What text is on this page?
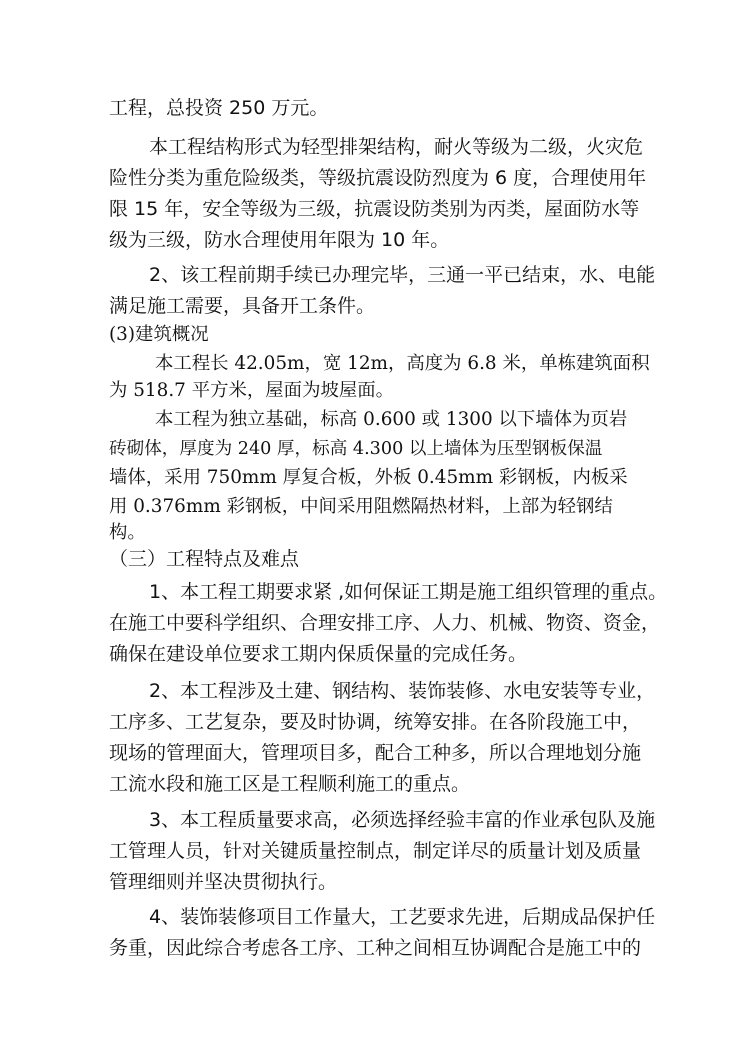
工程，总投资 250 万元。

本工程结构形式为轻型排架结构，耐火等级为二级，火灾危

险性分类为重危险级类，等级抗震设防烈度为 6 度，合理使用年

限 15 年，安全等级为三级，抗震设防类别为丙类，屋面防水等

级为三级，防水合理使用年限为 10 年。

2、该工程前期手续已办理完毕，三通一平已结束，水、电能

满足施工需要，具备开工条件。

(3)建筑概况

本工程长 42.05m，宽 12m，高度为 6.8 米，单栋建筑面积

为 518.7 平方米，屋面为坡屋面。

本工程为独立基础，标高 0.600 或 1300 以下墙体为页岩

砖砌体，厚度为 240 厚，标高 4.300 以上墙体为压型钢板保温

墙体，采用 750mm 厚复合板，外板 0.45mm 彩钢板，内板采

用 0.376mm 彩钢板，中间采用阻燃隔热材料，上部为轻钢结

构。

（三）工程特点及难点

1、本工程工期要求紧 ,如何保证工期是施工组织管理的重点。

在施工中要科学组织、合理安排工序、人力、机械、物资、资金，

确保在建设单位要求工期内保质保量的完成任务。

2、本工程涉及土建、钢结构、装饰装修、水电安装等专业，

工序多、工艺复杂，要及时协调，统筹安排。在各阶段施工中，

现场的管理面大，管理项目多，配合工种多，所以合理地划分施

工流水段和施工区是工程顺利施工的重点。

3、本工程质量要求高，必须选择经验丰富的作业承包队及施

工管理人员，针对关键质量控制点，制定详尽的质量计划及质量

管理细则并坚决贯彻执行。

4、装饰装修项目工作量大，工艺要求先进，后期成品保护任

务重，因此综合考虑各工序、工种之间相互协调配合是施工中的
